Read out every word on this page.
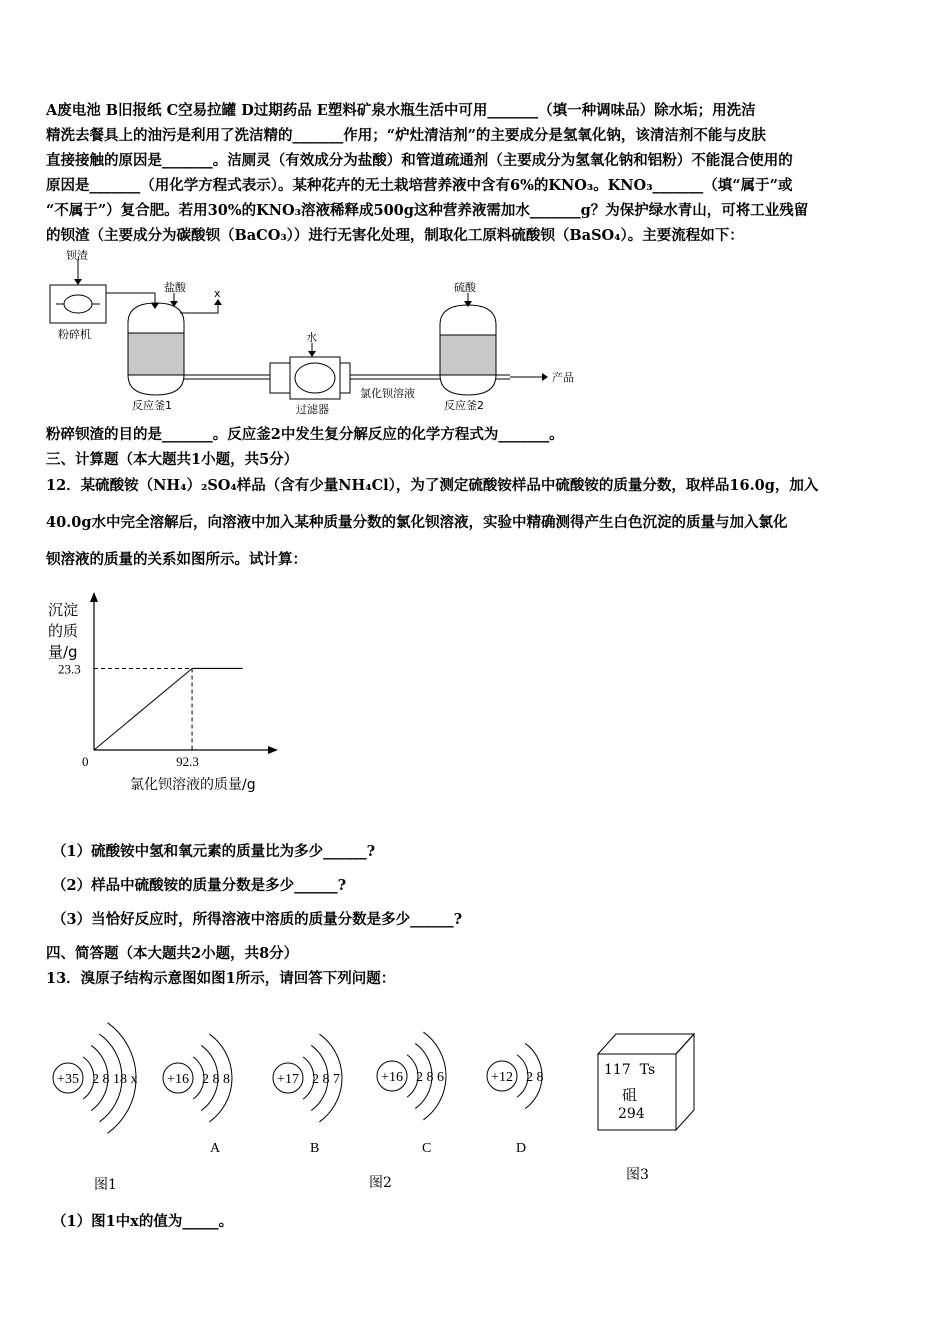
A废电池 B旧报纸 C空易拉罐 D过期药品 E塑料矿泉水瓶生活中可用_______（填一种调味品）除水垢；用洗洁
精洗去餐具上的油污是利用了洗洁精的_______作用；“炉灶清洁剂”的主要成分是氢氧化钠，该清洁剂不能与皮肤
直接接触的原因是_______。洁厕灵（有效成分为盐酸）和管道疏通剂（主要成分为氢氧化钠和铝粉）不能混合使用的
原因是_______（用化学方程式表示）。某种花卉的无土栽培营养液中含有6%的KNO₃。KNO₃_______（填“属于”或
“不属于”）复合肥。若用30%的KNO₃溶液稀释成500g这种营养液需加水_______g？为保护绿水青山，可将工业残留
的钡渣（主要成分为碳酸钡（BaCO₃））进行无害化处理，制取化工原料硫酸钡（BaSO₄）。主要流程如下：
钡渣
粉碎机
盐酸	x
反应釜1
水
过滤器
氯化钡溶液
硫酸
反应釜2
产品
粉碎钡渣的目的是_______。反应釜2中发生复分解反应的化学方程式为_______。
三、计算题（本大题共1小题，共5分）
12．某硫酸铵（NH₄）₂SO₄样品（含有少量NH₄Cl），为了测定硫酸铵样品中硫酸铵的质量分数，取样品16.0g，加入
40.0g水中完全溶解后，向溶液中加入某种质量分数的氯化钡溶液，实验中精确测得产生白色沉淀的质量与加入氯化
钡溶液的质量的关系如图所示。试计算：
23.3
92.3
0
沉淀
的质
量/g
氯化钡溶液的质量/g
（1）硫酸铵中氢和氧元素的质量比为多少______?
（2）样品中硫酸铵的质量分数是多少______?
（3）当恰好反应时，所得溶液中溶质的质量分数是多少______?
四、简答题（本大题共2小题，共8分）
13．溴原子结构示意图如图1所示，请回答下列问题：
+35 2 8 18 x +16 2 8 8
A
+17 2 8 7
B
+16 2 8 6
C
+12 2 8
D
117 Ts
砠
294
图1	图2	图3
（1）图1中x的值为_____。
